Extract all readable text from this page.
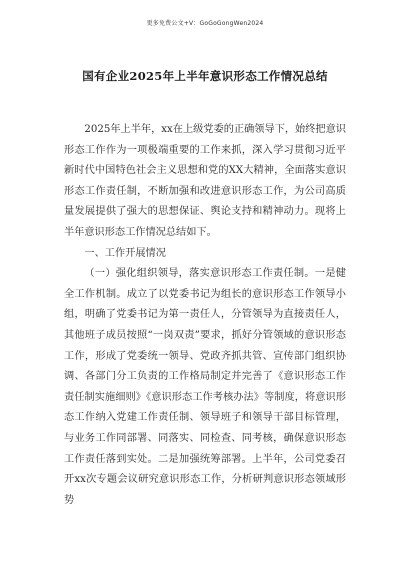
更多免费公文+V：GoGoGongWen2024
国有企业2025年上半年意识形态工作情况总结

2025年上半年，xx在上级党委的正确领导下，始终把意识形态工作作为一项极端重要的工作来抓，深入学习贯彻习近平新时代中国特色社会主义思想和党的XX大精神，全面落实意识形态工作责任制，不断加强和改进意识形态工作，为公司高质量发展提供了强大的思想保证、舆论支持和精神动力。现将上半年意识形态工作情况总结如下。

一、工作开展情况

（一）强化组织领导，落实意识形态工作责任制。一是健全工作机制。成立了以党委书记为组长的意识形态工作领导小组，明确了党委书记为第一责任人，分管领导为直接责任人，其他班子成员按照“一岗双责”要求，抓好分管领域的意识形态工作，形成了党委统一领导、党政齐抓共管、宣传部门组织协调、各部门分工负责的工作格局制定并完善了《意识形态工作责任制实施细则》《意识形态工作考核办法》等制度，将意识形态工作纳入党建工作责任制、领导班子和领导干部目标管理，与业务工作同部署、同落实、同检查、同考核，确保意识形态工作责任落到实处。二是加强统筹部署。上半年，公司党委召开xx次专题会议研究意识形态工作，分析研判意识形态领域形势
